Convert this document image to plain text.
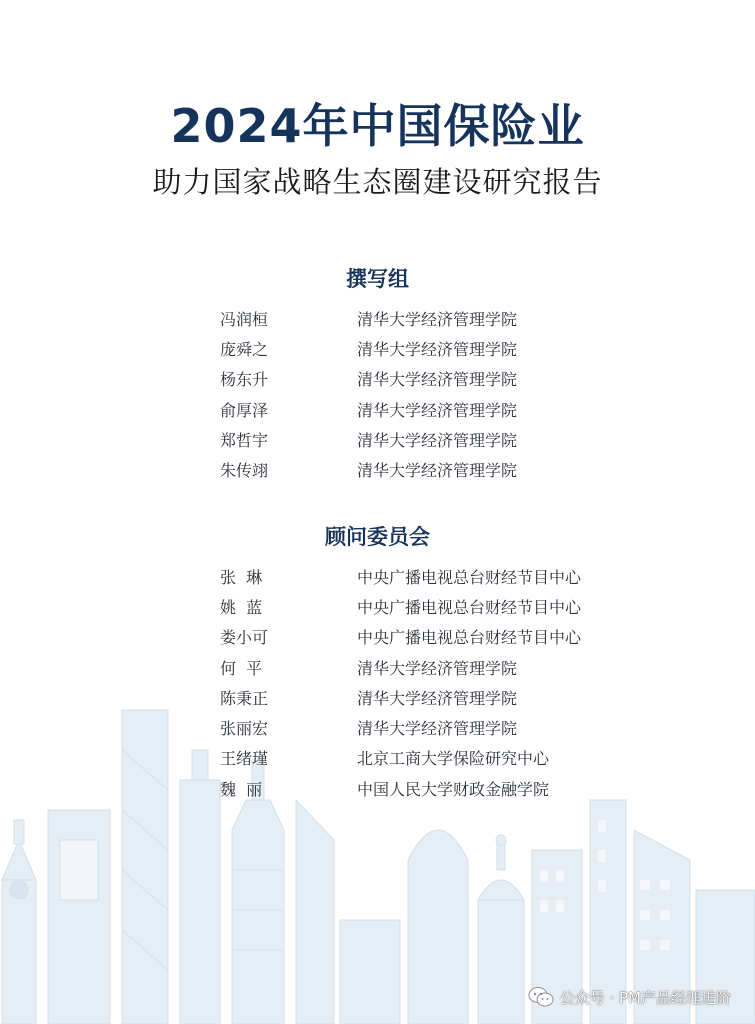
2024年中国保险业
助力国家战略生态圈建设研究报告
撰写组
冯润桓	清华大学经济管理学院
庞舜之	清华大学经济管理学院
杨东升	清华大学经济管理学院
俞厚泽	清华大学经济管理学院
郑哲宇	清华大学经济管理学院
朱传翊	清华大学经济管理学院
顾问委员会
张  琳	中央广播电视总台财经节目中心
姚  蓝	中央广播电视总台财经节目中心
娄小可	中央广播电视总台财经节目中心
何  平	清华大学经济管理学院
陈秉正	清华大学经济管理学院
张丽宏	清华大学经济管理学院
王绪瑾	北京工商大学保险研究中心
魏  丽	中国人民大学财政金融学院
公众号 · PM产品经理进阶
